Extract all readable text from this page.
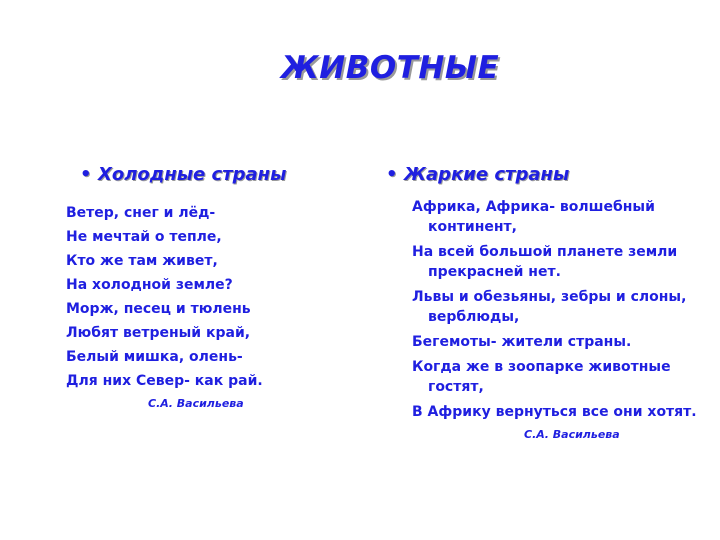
ЖИВОТНЫЕ
• Холодные страны
Ветер, снег и лёд-
Не мечтай о тепле,
Кто же там живет,
На холодной земле?
Морж, песец и тюлень
Любят ветреный край,
Белый мишка, олень-
Для них Север- как рай.
С.А. Васильева
• Жаркие страны
Африка, Африка- волшебный континент,
На всей большой планете земли прекрасней нет.
Львы и обезьяны, зебры и слоны, верблюды,
Бегемоты- жители страны.
Когда же в зоопарке животные гостят,
В Африку вернуться все они хотят.
С.А. Васильева
